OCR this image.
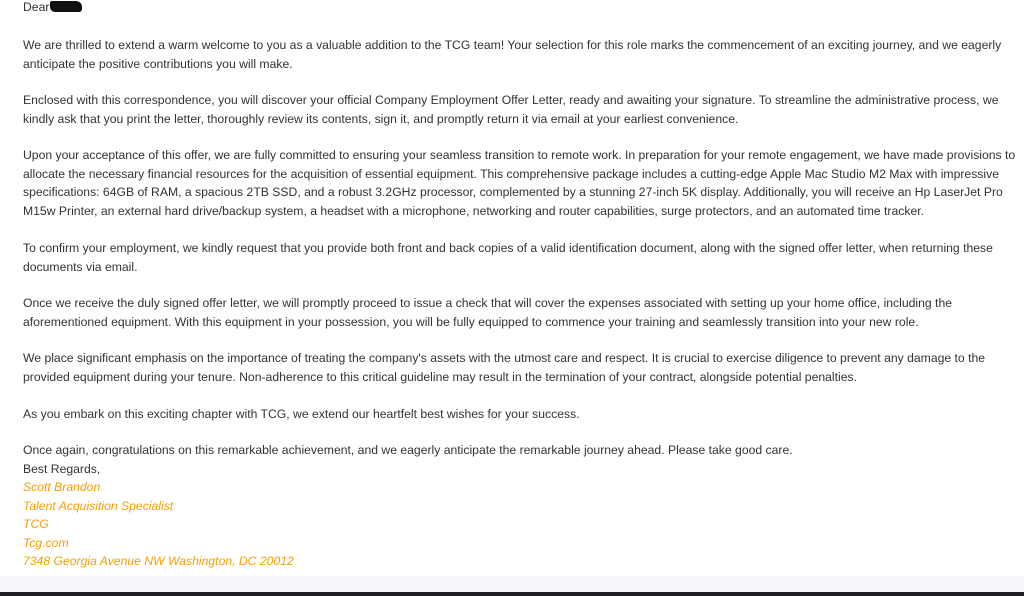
Dear

We are thrilled to extend a warm welcome to you as a valuable addition to the TCG team! Your selection for this role marks the commencement of an exciting journey, and we eagerly anticipate the positive contributions you will make.

Enclosed with this correspondence, you will discover your official Company Employment Offer Letter, ready and awaiting your signature. To streamline the administrative process, we kindly ask that you print the letter, thoroughly review its contents, sign it, and promptly return it via email at your earliest convenience.

Upon your acceptance of this offer, we are fully committed to ensuring your seamless transition to remote work. In preparation for your remote engagement, we have made provisions to allocate the necessary financial resources for the acquisition of essential equipment. This comprehensive package includes a cutting-edge Apple Mac Studio M2 Max with impressive specifications: 64GB of RAM, a spacious 2TB SSD, and a robust 3.2GHz processor, complemented by a stunning 27-inch 5K display. Additionally, you will receive an Hp LaserJet Pro M15w Printer, an external hard drive/backup system, a headset with a microphone, networking and router capabilities, surge protectors, and an automated time tracker.

To confirm your employment, we kindly request that you provide both front and back copies of a valid identification document, along with the signed offer letter, when returning these documents via email.

Once we receive the duly signed offer letter, we will promptly proceed to issue a check that will cover the expenses associated with setting up your home office, including the aforementioned equipment. With this equipment in your possession, you will be fully equipped to commence your training and seamlessly transition into your new role.

We place significant emphasis on the importance of treating the company's assets with the utmost care and respect. It is crucial to exercise diligence to prevent any damage to the provided equipment during your tenure. Non-adherence to this critical guideline may result in the termination of your contract, alongside potential penalties.

As you embark on this exciting chapter with TCG, we extend our heartfelt best wishes for your success.

Once again, congratulations on this remarkable achievement, and we eagerly anticipate the remarkable journey ahead. Please take good care.
Best Regards,
Scott Brandon
Talent Acquisition Specialist
TCG
Tcg.com
7348 Georgia Avenue NW Washington, DC 20012
